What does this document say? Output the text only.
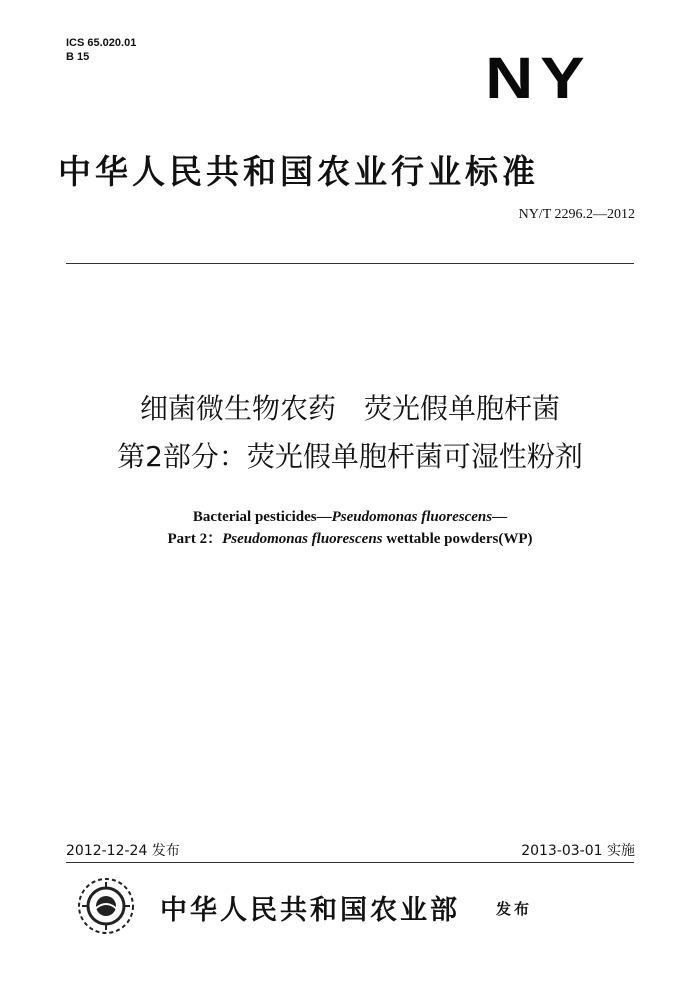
ICS 65.020.01
B 15	NY
中华人民共和国农业行业标准
NY/T 2296.2—2012
细菌微生物农药　荧光假单胞杆菌
第2部分：荧光假单胞杆菌可湿性粉剂
Bacterial pesticides—Pseudomonas fluorescens—
Part 2：Pseudomonas fluorescens wettable powders(WP)
2012-12-24 发布	2013-03-01 实施
中华人民共和国农业部 发布
